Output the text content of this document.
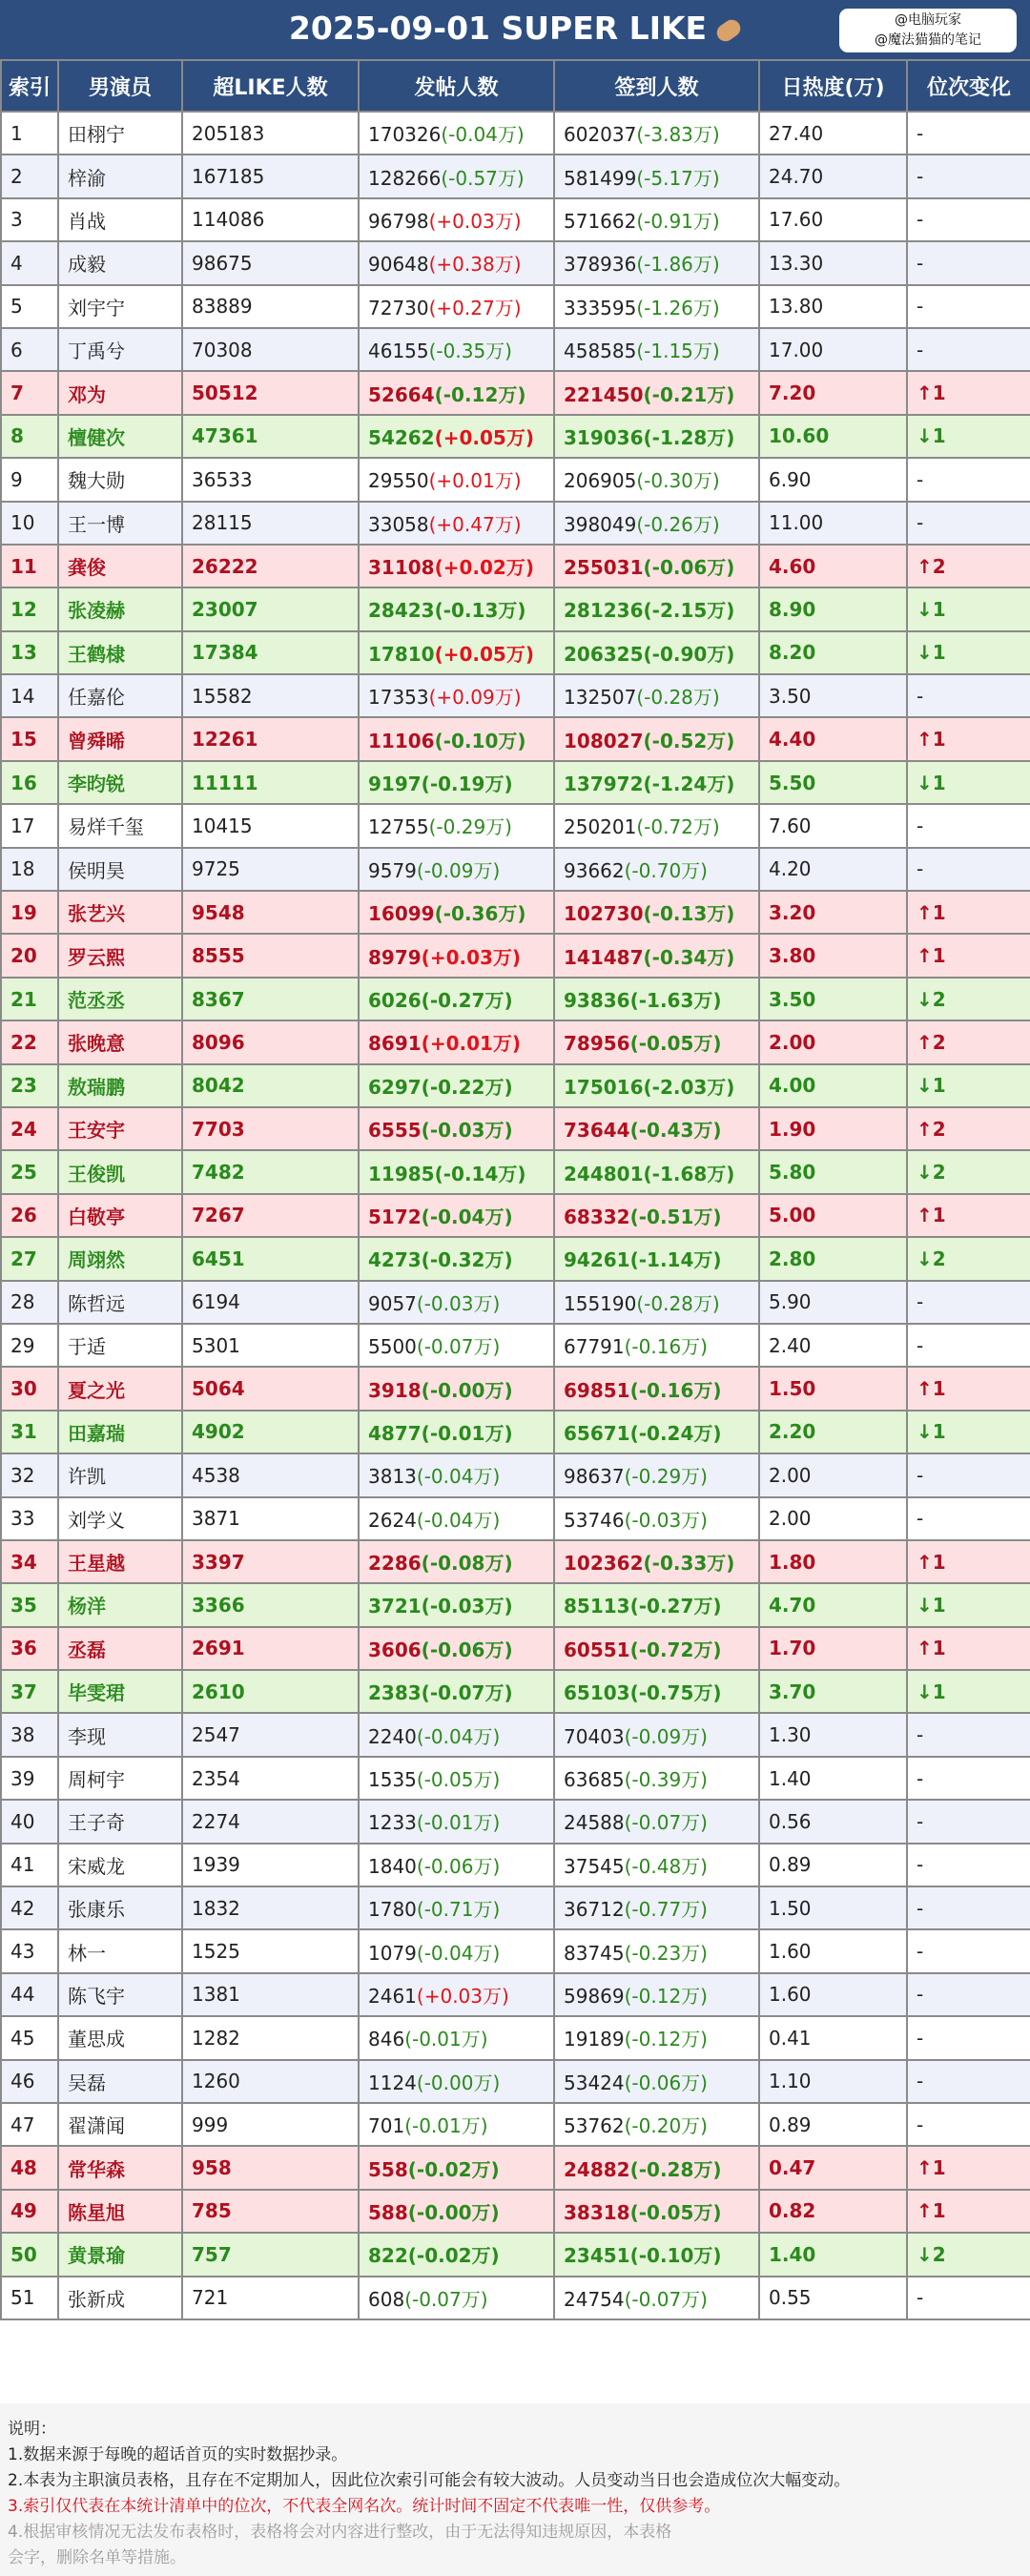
2025-09-01 SUPER LIKE	@电脑玩家
@魔法猫猫的笔记
索引	男演员	超LIKE人数	发帖人数	签到人数	日热度(万)	位次变化
1	田栩宁	205183	170326(-0.04万)	602037(-3.83万)	27.40	-
2	梓渝	167185	128266(-0.57万)	581499(-5.17万)	24.70	-
3	肖战	114086	96798(+0.03万)	571662(-0.91万)	17.60	-
4	成毅	98675	90648(+0.38万)	378936(-1.86万)	13.30	-
5	刘宇宁	83889	72730(+0.27万)	333595(-1.26万)	13.80	-
6	丁禹兮	70308	46155(-0.35万)	458585(-1.15万)	17.00	-
7	邓为	50512	52664(-0.12万)	221450(-0.21万)	7.20	↑1
8	檀健次	47361	54262(+0.05万)	319036(-1.28万)	10.60	↓1
9	魏大勋	36533	29550(+0.01万)	206905(-0.30万)	6.90	-
10	王一博	28115	33058(+0.47万)	398049(-0.26万)	11.00	-
11	龚俊	26222	31108(+0.02万)	255031(-0.06万)	4.60	↑2
12	张凌赫	23007	28423(-0.13万)	281236(-2.15万)	8.90	↓1
13	王鹤棣	17384	17810(+0.05万)	206325(-0.90万)	8.20	↓1
14	任嘉伦	15582	17353(+0.09万)	132507(-0.28万)	3.50	-
15	曾舜晞	12261	11106(-0.10万)	108027(-0.52万)	4.40	↑1
16	李昀锐	11111	9197(-0.19万)	137972(-1.24万)	5.50	↓1
17	易烊千玺	10415	12755(-0.29万)	250201(-0.72万)	7.60	-
18	侯明昊	9725	9579(-0.09万)	93662(-0.70万)	4.20	-
19	张艺兴	9548	16099(-0.36万)	102730(-0.13万)	3.20	↑1
20	罗云熙	8555	8979(+0.03万)	141487(-0.34万)	3.80	↑1
21	范丞丞	8367	6026(-0.27万)	93836(-1.63万)	3.50	↓2
22	张晚意	8096	8691(+0.01万)	78956(-0.05万)	2.00	↑2
23	敖瑞鹏	8042	6297(-0.22万)	175016(-2.03万)	4.00	↓1
24	王安宇	7703	6555(-0.03万)	73644(-0.43万)	1.90	↑2
25	王俊凯	7482	11985(-0.14万)	244801(-1.68万)	5.80	↓2
26	白敬亭	7267	5172(-0.04万)	68332(-0.51万)	5.00	↑1
27	周翊然	6451	4273(-0.32万)	94261(-1.14万)	2.80	↓2
28	陈哲远	6194	9057(-0.03万)	155190(-0.28万)	5.90	-
29	于适	5301	5500(-0.07万)	67791(-0.16万)	2.40	-
30	夏之光	5064	3918(-0.00万)	69851(-0.16万)	1.50	↑1
31	田嘉瑞	4902	4877(-0.01万)	65671(-0.24万)	2.20	↓1
32	许凯	4538	3813(-0.04万)	98637(-0.29万)	2.00	-
33	刘学义	3871	2624(-0.04万)	53746(-0.03万)	2.00	-
34	王星越	3397	2286(-0.08万)	102362(-0.33万)	1.80	↑1
35	杨洋	3366	3721(-0.03万)	85113(-0.27万)	4.70	↓1
36	丞磊	2691	3606(-0.06万)	60551(-0.72万)	1.70	↑1
37	毕雯珺	2610	2383(-0.07万)	65103(-0.75万)	3.70	↓1
38	李现	2547	2240(-0.04万)	70403(-0.09万)	1.30	-
39	周柯宇	2354	1535(-0.05万)	63685(-0.39万)	1.40	-
40	王子奇	2274	1233(-0.01万)	24588(-0.07万)	0.56	-
41	宋威龙	1939	1840(-0.06万)	37545(-0.48万)	0.89	-
42	张康乐	1832	1780(-0.71万)	36712(-0.77万)	1.50	-
43	林一	1525	1079(-0.04万)	83745(-0.23万)	1.60	-
44	陈飞宇	1381	2461(+0.03万)	59869(-0.12万)	1.60	-
45	董思成	1282	846(-0.01万)	19189(-0.12万)	0.41	-
46	吴磊	1260	1124(-0.00万)	53424(-0.06万)	1.10	-
47	翟潇闻	999	701(-0.01万)	53762(-0.20万)	0.89	-
48	常华森	958	558(-0.02万)	24882(-0.28万)	0.47	↑1
49	陈星旭	785	588(-0.00万)	38318(-0.05万)	0.82	↑1
50	黄景瑜	757	822(-0.02万)	23451(-0.10万)	1.40	↓2
51	张新成	721	608(-0.07万)	24754(-0.07万)	0.55	-
说明：
1.数据来源于每晚的超话首页的实时数据抄录。
2.本表为主职演员表格，且存在不定期加人，因此位次索引可能会有较大波动。人员变动当日也会造成位次大幅变动。
3.索引仅代表在本统计清单中的位次，不代表全网名次。统计时间不固定不代表唯一性，仅供参考。
4.根据审核情况无法发布表格时，表格将会对内容进行整改，由于无法得知违规原因，本表格
会字，删除名单等措施。
